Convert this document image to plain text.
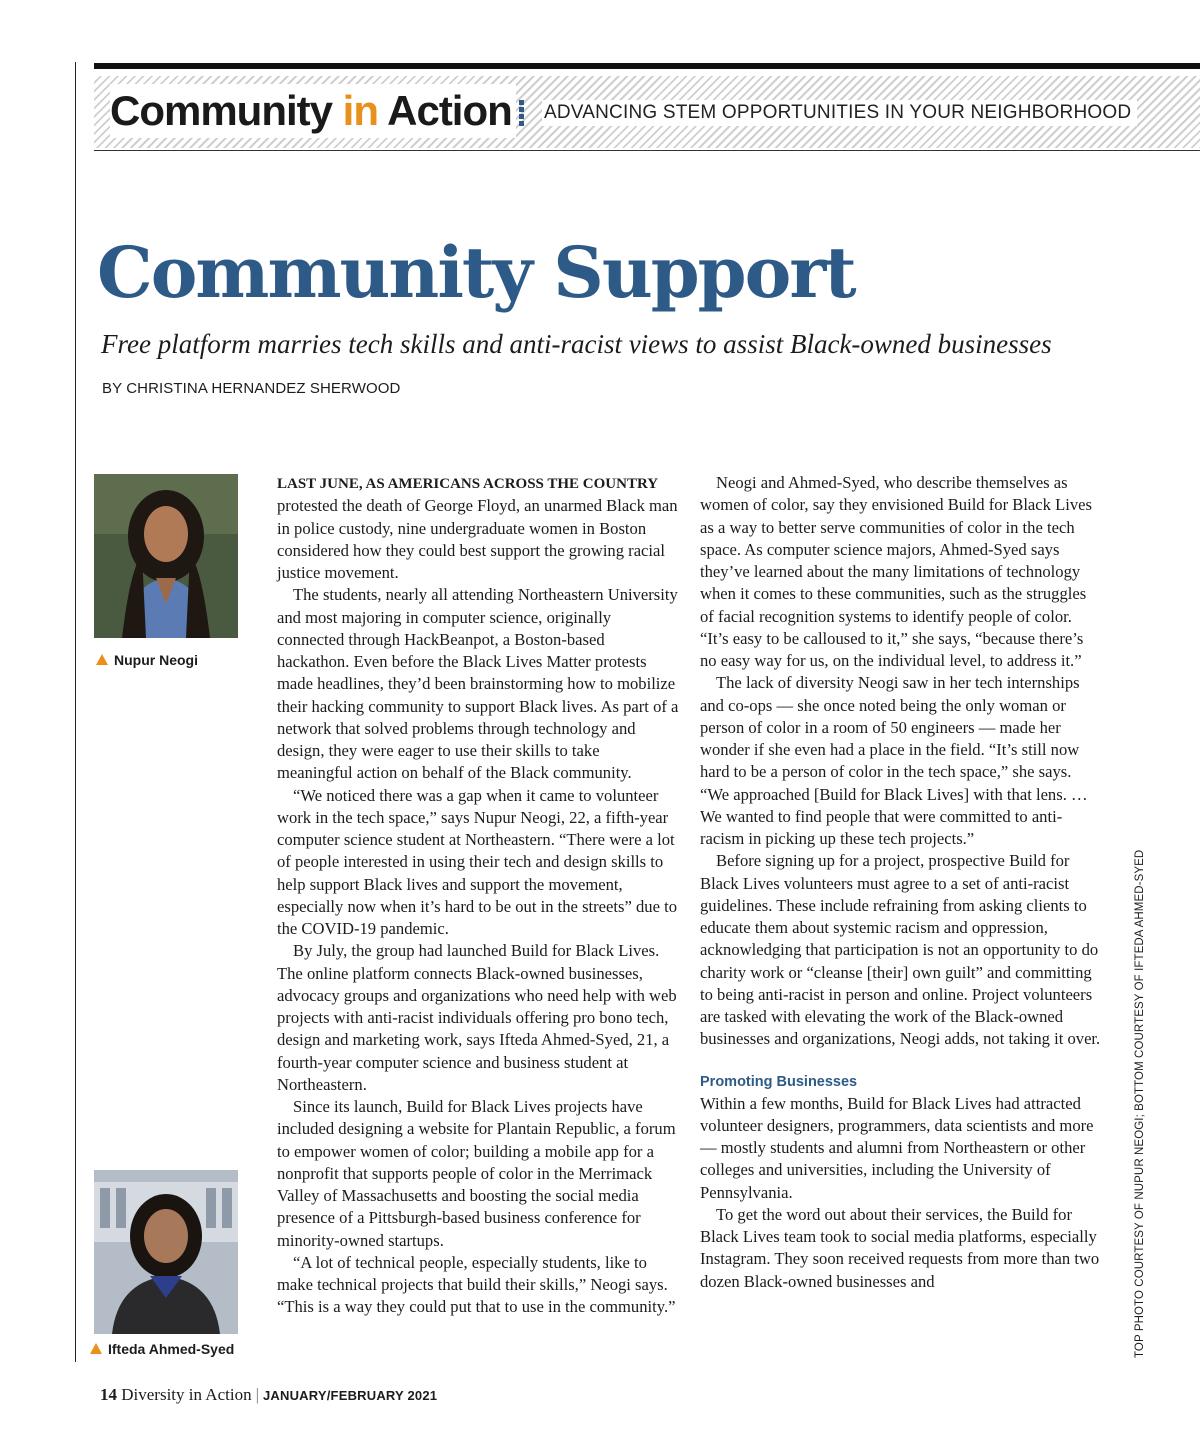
Community in Action ADVANCING STEM OPPORTUNITIES IN YOUR NEIGHBORHOOD
Community Support
Free platform marries tech skills and anti-racist views to assist Black-owned businesses
BY CHRISTINA HERNANDEZ SHERWOOD
Nupur Neogi
Ifteda Ahmed-Syed

LAST JUNE, AS AMERICANS ACROSS THE COUNTRY protested the death of George Floyd, an unarmed Black man in police custody, nine undergraduate women in Boston considered how they could best support the growing racial justice movement.

The students, nearly all attending Northeastern University and most majoring in computer science, originally connected through HackBeanpot, a Boston-based hackathon. Even before the Black Lives Matter protests made headlines, they’d been brainstorming how to mobilize their hacking community to support Black lives. As part of a network that solved problems through technology and design, they were eager to use their skills to take meaningful action on behalf of the Black community.

“We noticed there was a gap when it came to volunteer work in the tech space,” says Nupur Neogi, 22, a fifth-year computer science student at Northeastern. “There were a lot of people interested in using their tech and design skills to help support Black lives and support the movement, especially now when it’s hard to be out in the streets” due to the COVID-19 pandemic.

By July, the group had launched Build for Black Lives. The online platform connects Black-owned businesses, advocacy groups and organizations who need help with web projects with anti-racist individuals offering pro bono tech, design and marketing work, says Ifteda Ahmed-Syed, 21, a fourth-year computer science and business student at Northeastern.

Since its launch, Build for Black Lives projects have included designing a website for Plantain Republic, a forum to empower women of color; building a mobile app for a nonprofit that supports people of color in the Merrimack Valley of Massachusetts and boosting the social media presence of a Pittsburgh-based business conference for minority-owned startups.

“A lot of technical people, especially students, like to make technical projects that build their skills,” Neogi says. “This is a way they could put that to use in the community.”

Neogi and Ahmed-Syed, who describe themselves as women of color, say they envisioned Build for Black Lives as a way to better serve communities of color in the tech space. As computer science majors, Ahmed-Syed says they’ve learned about the many limitations of technology when it comes to these communities, such as the struggles of facial recognition systems to identify people of color. “It’s easy to be calloused to it,” she says, “because there’s no easy way for us, on the individual level, to address it.”

The lack of diversity Neogi saw in her tech internships and co-ops — she once noted being the only woman or person of color in a room of 50 engineers — made her wonder if she even had a place in the field. “It’s still now hard to be a person of color in the tech space,” she says. “We approached [Build for Black Lives] with that lens. … We wanted to find people that were committed to anti-racism in picking up these tech projects.”

Before signing up for a project, prospective Build for Black Lives volunteers must agree to a set of anti-racist guidelines. These include refraining from asking clients to educate them about systemic racism and oppression, acknowledging that participation is not an opportunity to do charity work or “cleanse [their] own guilt” and committing to being anti-racist in person and online. Project volunteers are tasked with elevating the work of the Black-owned businesses and organizations, Neogi adds, not taking it over.

Promoting Businesses

Within a few months, Build for Black Lives had attracted volunteer designers, programmers, data scientists and more — mostly students and alumni from Northeastern or other colleges and universities, including the University of Pennsylvania.

To get the word out about their services, the Build for Black Lives team took to social media platforms, especially Instagram. They soon received requests from more than two dozen Black-owned businesses and	TOP PHOTO COURTESY OF NUPUR NEOGI; BOTTOM COURTESY OF IFTEDA AHMED-SYED
14 Diversity in Action | JANUARY/FEBRUARY 2021
